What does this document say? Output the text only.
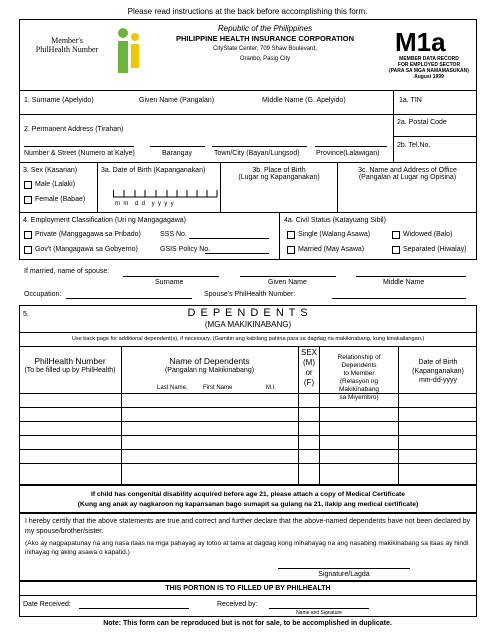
Please read instructions at the back before accomplishing this form.
Member's
PhilHealth Number
Republic of the Philippines
PHILIPPINE HEALTH INSURANCE CORPORATION
CityState Center, 709 Shaw Boulevard,
Oranbo, Pasig City
M1a
MEMBER DATA RECORD
FOR EMPLOYED SECTOR
(PARA SA MGA NAMAMASUKAN)
August 1999
1. Surname (Apelyido)	Given Name (Pangalan)	Middle Name (G. Apelyido)	1a. TIN
2. Permanent Address (Tirahan)
2a. Postal Code
2b. Tel.No.
Number & Street (Numero at Kalye)	Barangay	Town/City (Bayan/Lungsod) Province(Lalawigan)
3. Sex (Kasarian)
Male (Lalaki)
Female (Babae)
3a. Date of Birth (Kapanganakan)
m  m    d  d    y  y  y  y
3b. Place of Birth
(Lugar ng Kapanganakan)
3c. Name and Address of Office
(Pangalan at Lugar ng Opisina)
4. Employment Classification (Uri ng Mangagagawa)
Private (Manggagawa sa Pribado)
Gov't (Mangagawa sa Gobyerno)
SSS No.
GSIS Policy No.
4a. Civil Status (Katayuang Sibil)
Single (Walang Asawa)	Widowed (Balo)
Married (May Asawa)	Separated (Hiwalay)
If married, name of spouse:
Surname	Given Name	Middle Name
Occupation:	Spouse's PhilHealth Number:
5.	D E P E N D E N T S
(MGA MAKIKINABANG)
Use back page for additional dependent(s), if necessary. (Gamitin ang kabilang pahina para sa dagdag na makikinabang, kung kinakailangan.)
PhilHealth Number
(To be filled up by PhilHealth)
Name of Dependents
(Pangalan ng Makikinabang)
Last Name,	First Name	M.I.
SEX
(M)
or
(F)
Relationship of Dependents
to Member
(Relasyon ng Makikinabang
sa Miyembro)
Date of Birth
(Kapanganakan)
mm-dd-yyyy
If child has congenital disability acquired before age 21, please attach a copy of Medical Certificate
(Kung ang anak ay nagkaroon ng kapansanan bago sumapit sa gulang na 21, ilakip ang medical certificate)
I hereby certify that the above statements are true and correct and further declare that the above-named dependents have not been declared by my spouse/brother/sister.
(Ako ay nagpapatunay na ang nasa itaas na mga pahayag ay totoo at tama at dagdag kong inihahayag na ang nasabing makikinabang sa itaas ay hindi inihayag ng aking asawa o kapatid.)
Signature/Lagda
THIS PORTION IS TO FILLED UP BY PHILHEALTH
Date Received:	Received by:
Name and Signature
Note: This form can be reproduced but is not for sale, to be accomplished in duplicate.
